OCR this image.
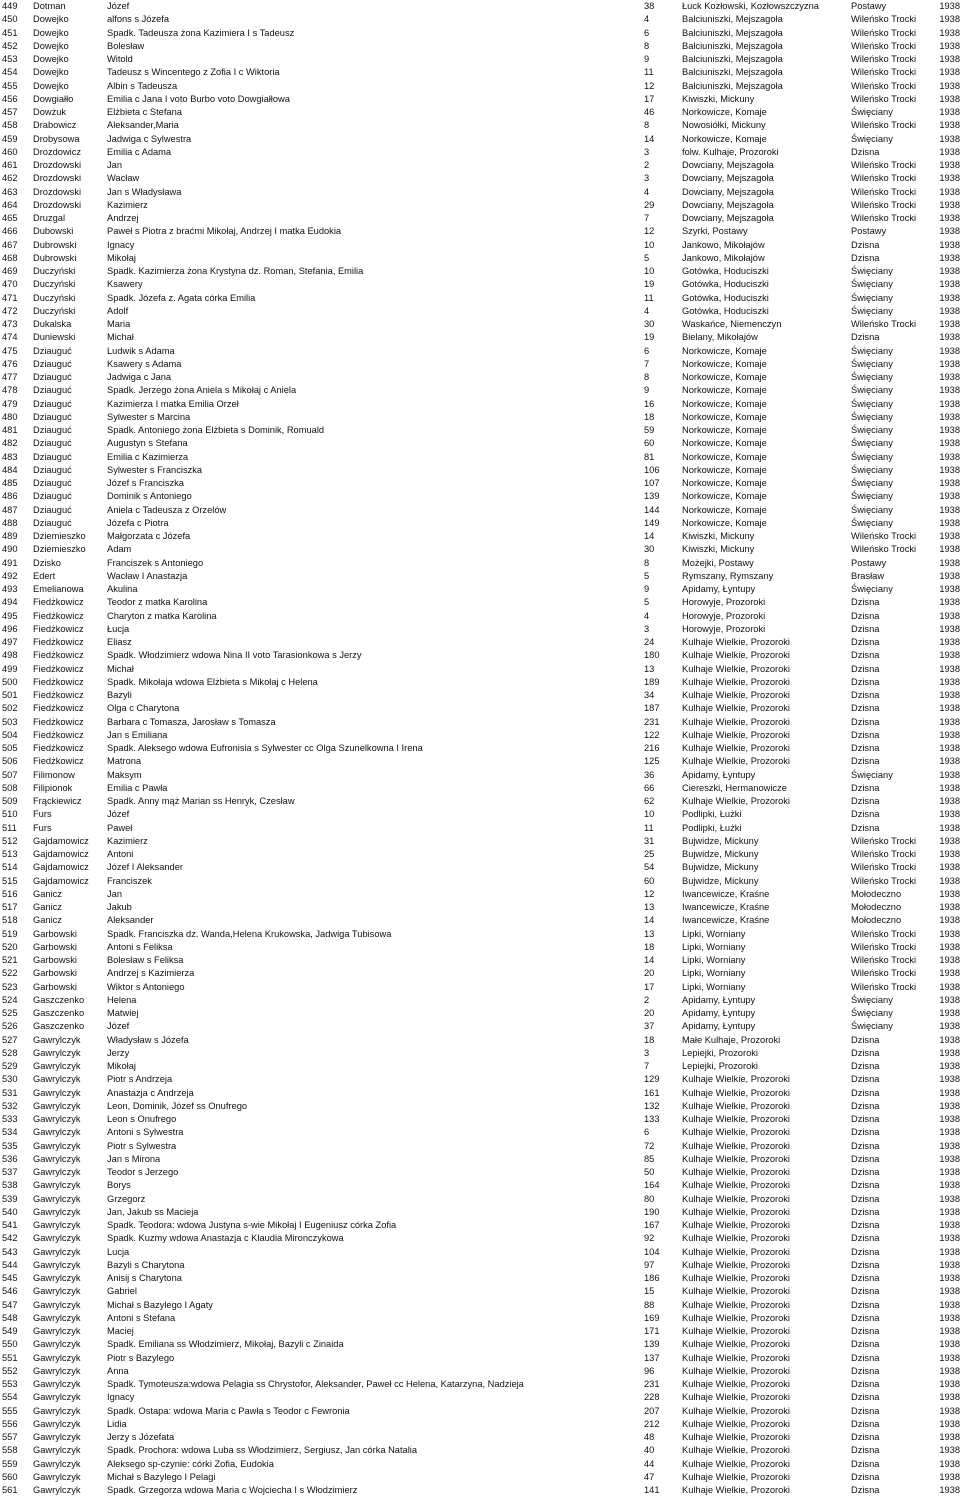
449	Dotman	Józef	38	Łuck Kozłowski, Kozłowszczyzna	Postawy	1938
450	Dowejko	alfons s Józefa	4	Balciuniszki, Mejszagoła	Wileńsko Trocki	1938
451	Dowejko	Spadk. Tadeusza żona Kazimiera I s Tadeusz	6	Balciuniszki, Mejszagoła	Wileńsko Trocki	1938
452	Dowejko	Bolesław	8	Balciuniszki, Mejszagoła	Wileńsko Trocki	1938
453	Dowejko	Witold	9	Balciuniszki, Mejszagoła	Wileńsko Trocki	1938
454	Dowejko	Tadeusz s Wincentego z Zofia I c Wiktoria	11	Balciuniszki, Mejszagoła	Wileńsko Trocki	1938
455	Dowejko	Albin s Tadeusza	12	Balciuniszki, Mejszagoła	Wileńsko Trocki	1938
456	Dowgiałło	Emilia c Jana I voto Burbo voto Dowgiałłowa	17	Kiwiszki, Mickuny	Wileńsko Trocki	1938
457	Dowżuk	Elżbieta c Stefana	46	Norkowicze, Komaje	Święciany	1938
458	Drabowicz	Aleksander,Maria	8	Nowosiółki, Mickuny	Wileńsko Trocki	1938
459	Drobysowa	Jadwiga c Sylwestra	14	Norkowicze, Komaje	Święciany	1938
460	Drozdowicz	Emilia c Adama	3	folw. Kulhaje, Prozoroki	Dzisna	1938
461	Drozdowski	Jan	2	Dowciany, Mejszagoła	Wileńsko Trocki	1938
462	Drozdowski	Wacław	3	Dowciany, Mejszagoła	Wileńsko Trocki	1938
463	Drozdowski	Jan s Władysława	4	Dowciany, Mejszagoła	Wileńsko Trocki	1938
464	Drozdowski	Kazimierz	29	Dowciany, Mejszagoła	Wileńsko Trocki	1938
465	Druzgal	Andrzej	7	Dowciany, Mejszagoła	Wileńsko Trocki	1938
466	Dubowski	Paweł s Piotra z braćmi Mikołaj, Andrzej I matka Eudokia	12	Szyrki, Postawy	Postawy	1938
467	Dubrowski	Ignacy	10	Jankowo, Mikołajów	Dzisna	1938
468	Dubrowski	Mikołaj	5	Jankowo, Mikołajów	Dzisna	1938
469	Duczyński	Spadk. Kazimierza żona Krystyna dz. Roman, Stefania, Emilia	10	Gotówka, Hoduciszki	Święciany	1938
470	Duczyński	Ksawery	19	Gotówka, Hoduciszki	Święciany	1938
471	Duczyński	Spadk. Józefa z. Agata córka Emilia	11	Gotówka, Hoduciszki	Święciany	1938
472	Duczyński	Adolf	4	Gotówka, Hoduciszki	Święciany	1938
473	Dukalska	Maria	30	Waskańce, Niemenczyn	Wileńsko Trocki	1938
474	Duniewski	Michał	19	Bielany, Mikołajów	Dzisna	1938
475	Dziauguć	Ludwik s Adama	6	Norkowicze, Komaje	Święciany	1938
476	Dziauguć	Ksawery s Adama	7	Norkowicze, Komaje	Święciany	1938
477	Dziauguć	Jadwiga c Jana	8	Norkowicze, Komaje	Święciany	1938
478	Dziauguć	Spadk. Jerzego żona Aniela s Mikołaj c Aniela	9	Norkowicze, Komaje	Święciany	1938
479	Dziauguć	Kazimierza I matka Emilia Orzeł	16	Norkowicze, Komaje	Święciany	1938
480	Dziauguć	Sylwester s Marcina	18	Norkowicze, Komaje	Święciany	1938
481	Dziauguć	Spadk. Antoniego żona Elżbieta s Dominik, Romuald	59	Norkowicze, Komaje	Święciany	1938
482	Dziauguć	Augustyn s Stefana	60	Norkowicze, Komaje	Święciany	1938
483	Dziauguć	Emilia c Kazimierza	81	Norkowicze, Komaje	Święciany	1938
484	Dziauguć	Sylwester s Franciszka	106	Norkowicze, Komaje	Święciany	1938
485	Dziauguć	Józef s Franciszka	107	Norkowicze, Komaje	Święciany	1938
486	Dziauguć	Dominik s Antoniego	139	Norkowicze, Komaje	Święciany	1938
487	Dziauguć	Aniela c Tadeusza z Orzelów	144	Norkowicze, Komaje	Święciany	1938
488	Dziauguć	Józefa c Piotra	149	Norkowicze, Komaje	Święciany	1938
489	Dziemieszko	Małgorzata c Józefa	14	Kiwiszki, Mickuny	Wileńsko Trocki	1938
490	Dziemieszko	Adam	30	Kiwiszki, Mickuny	Wileńsko Trocki	1938
491	Dzisko	Franciszek s Antoniego	8	Możejki, Postawy	Postawy	1938
492	Edert	Wacław I Anastazja	5	Rymszany, Rymszany	Brasław	1938
493	Emelianowa	Akulina	9	Apidamy, Łyntupy	Święciany	1938
494	Fiedżkowicz	Teodor z matka Karolina	5	Horowyje, Prozoroki	Dzisna	1938
495	Fiedżkowicz	Charyton z matka Karolina	4	Horowyje, Prozoroki	Dzisna	1938
496	Fiedżkowicz	Łucja	3	Horowyje, Prozoroki	Dzisna	1938
497	Fiedżkowicz	Eliasz	24	Kulhaje Wielkie, Prozoroki	Dzisna	1938
498	Fiedżkowicz	Spadk. Włodzimierz wdowa Nina II voto Tarasionkowa s Jerzy	180	Kulhaje Wielkie, Prozoroki	Dzisna	1938
499	Fiedżkowicz	Michał	13	Kulhaje Wielkie, Prozoroki	Dzisna	1938
500	Fiedżkowicz	Spadk. Mikołaja wdowa Elżbieta s Mikołaj c Helena	189	Kulhaje Wielkie, Prozoroki	Dzisna	1938
501	Fiedżkowicz	Bazyli	34	Kulhaje Wielkie, Prozoroki	Dzisna	1938
502	Fiedżkowicz	Olga c Charytona	187	Kulhaje Wielkie, Prozoroki	Dzisna	1938
503	Fiedżkowicz	Barbara c Tomasza, Jarosław s Tomasza	231	Kulhaje Wielkie, Prozoroki	Dzisna	1938
504	Fiedżkowicz	Jan s Emiliana	122	Kulhaje Wielkie, Prozoroki	Dzisna	1938
505	Fiedżkowicz	Spadk. Aleksego wdowa Eufronisia s Sylwester cc Olga Szunelkowna I Irena	216	Kulhaje Wielkie, Prozoroki	Dzisna	1938
506	Fiedżkowicz	Matrona	125	Kulhaje Wielkie, Prozoroki	Dzisna	1938
507	Filimonow	Maksym	36	Apidamy, Łyntupy	Święciany	1938
508	Filipionok	Emilia c Pawła	66	Ciereszki, Hermanowicze	Dzisna	1938
509	Frąckiewicz	Spadk. Anny mąż Marian ss Henryk, Czesław	62	Kulhaje Wielkie, Prozoroki	Dzisna	1938
510	Furs	Józef	10	Podlipki, Łużki	Dzisna	1938
511	Furs	Paweł	11	Podlipki, Łużki	Dzisna	1938
512	Gajdamowicz	Kazimierz	31	Bujwidze, Mickuny	Wileńsko Trocki	1938
513	Gajdamowicz	Antoni	25	Bujwidze, Mickuny	Wileńsko Trocki	1938
514	Gajdamowicz	Józef I Aleksander	54	Bujwidze, Mickuny	Wileńsko Trocki	1938
515	Gajdamowicz	Franciszek	60	Bujwidze, Mickuny	Wileńsko Trocki	1938
516	Ganicz	Jan	12	Iwancewicze, Kraśne	Mołodeczno	1938
517	Ganicz	Jakub	13	Iwancewicze, Kraśne	Mołodeczno	1938
518	Ganicz	Aleksander	14	Iwancewicze, Kraśne	Mołodeczno	1938
519	Garbowski	Spadk. Franciszka dz. Wanda,Helena Krukowska, Jadwiga Tubisowa	13	Lipki, Worniany	Wileńsko Trocki	1938
520	Garbowski	Antoni s Feliksa	18	Lipki, Worniany	Wileńsko Trocki	1938
521	Garbowski	Bolesław s Feliksa	14	Lipki, Worniany	Wileńsko Trocki	1938
522	Garbowski	Andrzej s Kazimierza	20	Lipki, Worniany	Wileńsko Trocki	1938
523	Garbowski	Wiktor s Antoniego	17	Lipki, Worniany	Wileńsko Trocki	1938
524	Gaszczenko	Helena	2	Apidamy, Łyntupy	Święciany	1938
525	Gaszczenko	Matwiej	20	Apidamy, Łyntupy	Święciany	1938
526	Gaszczenko	Józef	37	Apidamy, Łyntupy	Święciany	1938
527	Gawrylczyk	Władysław s Józefa	18	Małe Kulhaje, Prozoroki	Dzisna	1938
528	Gawrylczyk	Jerzy	3	Lepiejki, Prozoroki	Dzisna	1938
529	Gawrylczyk	Mikołaj	7	Lepiejki, Prozoroki	Dzisna	1938
530	Gawrylczyk	Piotr s Andrzeja	129	Kulhaje Wielkie, Prozoroki	Dzisna	1938
531	Gawrylczyk	Anastazja c Andrzeja	161	Kulhaje Wielkie, Prozoroki	Dzisna	1938
532	Gawrylczyk	Leon, Dominik, Józef ss Onufrego	132	Kulhaje Wielkie, Prozoroki	Dzisna	1938
533	Gawrylczyk	Leon s Onufrego	133	Kulhaje Wielkie, Prozoroki	Dzisna	1938
534	Gawrylczyk	Antoni s Sylwestra	6	Kulhaje Wielkie, Prozoroki	Dzisna	1938
535	Gawrylczyk	Piotr s Sylwestra	72	Kulhaje Wielkie, Prozoroki	Dzisna	1938
536	Gawrylczyk	Jan s Mirona	85	Kulhaje Wielkie, Prozoroki	Dzisna	1938
537	Gawrylczyk	Teodor s Jerzego	50	Kulhaje Wielkie, Prozoroki	Dzisna	1938
538	Gawrylczyk	Borys	164	Kulhaje Wielkie, Prozoroki	Dzisna	1938
539	Gawrylczyk	Grzegorz	80	Kulhaje Wielkie, Prozoroki	Dzisna	1938
540	Gawrylczyk	Jan, Jakub ss Macieja	190	Kulhaje Wielkie, Prozoroki	Dzisna	1938
541	Gawrylczyk	Spadk. Teodora: wdowa Justyna s-wie Mikołaj I Eugeniusz córka Zofia	167	Kulhaje Wielkie, Prozoroki	Dzisna	1938
542	Gawrylczyk	Spadk. Kuzmy wdowa Anastazja c Klaudia Mironczykowa	92	Kulhaje Wielkie, Prozoroki	Dzisna	1938
543	Gawrylczyk	Lucja	104	Kulhaje Wielkie, Prozoroki	Dzisna	1938
544	Gawrylczyk	Bazyli s Charytona	97	Kulhaje Wielkie, Prozoroki	Dzisna	1938
545	Gawrylczyk	Anisij s Charytona	186	Kulhaje Wielkie, Prozoroki	Dzisna	1938
546	Gawrylczyk	Gabriel	15	Kulhaje Wielkie, Prozoroki	Dzisna	1938
547	Gawrylczyk	Michał s Bazylego I Agaty	88	Kulhaje Wielkie, Prozoroki	Dzisna	1938
548	Gawrylczyk	Antoni s Stefana	169	Kulhaje Wielkie, Prozoroki	Dzisna	1938
549	Gawrylczyk	Maciej	171	Kulhaje Wielkie, Prozoroki	Dzisna	1938
550	Gawrylczyk	Spadk. Emiliana ss Włodzimierz, Mikołaj, Bazyli c Zinaida	139	Kulhaje Wielkie, Prozoroki	Dzisna	1938
551	Gawrylczyk	Piotr s Bazylego	137	Kulhaje Wielkie, Prozoroki	Dzisna	1938
552	Gawrylczyk	Anna	96	Kulhaje Wielkie, Prozoroki	Dzisna	1938
553	Gawrylczyk	Spadk. Tymoteusza:wdowa Pelagia ss Chrystofor, Aleksander, Paweł cc Helena, Katarzyna, Nadzieja	231	Kulhaje Wielkie, Prozoroki	Dzisna	1938
554	Gawrylczyk	Ignacy	228	Kulhaje Wielkie, Prozoroki	Dzisna	1938
555	Gawrylczyk	Spadk. Ostapa: wdowa Maria c Pawła s Teodor c Fewronia	207	Kulhaje Wielkie, Prozoroki	Dzisna	1938
556	Gawrylczyk	Lidia	212	Kulhaje Wielkie, Prozoroki	Dzisna	1938
557	Gawrylczyk	Jerzy s Józefata	48	Kulhaje Wielkie, Prozoroki	Dzisna	1938
558	Gawrylczyk	Spadk. Prochora: wdowa Luba ss Włodzimierz, Sergiusz, Jan córka Natalia	40	Kulhaje Wielkie, Prozoroki	Dzisna	1938
559	Gawrylczyk	Aleksego sp-czynie: córki Zofia, Eudokia	44	Kulhaje Wielkie, Prozoroki	Dzisna	1938
560	Gawrylczyk	Michał s Bazylego I Pelagi	47	Kulhaje Wielkie, Prozoroki	Dzisna	1938
561	Gawrylczyk	Spadk. Grzegorza wdowa Maria c Wojciecha I s Włodzimierz	141	Kulhaje Wielkie, Prozoroki	Dzisna	1938
